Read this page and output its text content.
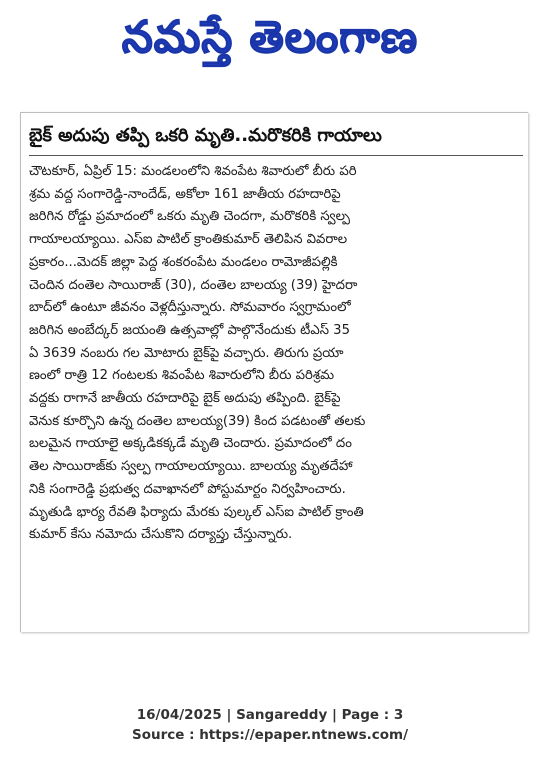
నమస్తే తెలంగాణ
బైక్ అదుపు తప్పి ఒకరి మృతి..మరొకరికి గాయాలు
చౌటకూర్, ఏప్రిల్ 15: మండలంలోని శివంపేట శివారులో బీరు పరి
శ్రమ వద్ద సంగారెడ్డి-నాందేడ్, అకోలా 161 జాతీయ రహదారిపై
జరిగిన రోడ్డు ప్రమాదంలో ఒకరు మృతి చెందగా, మరొకరికి స్వల్ప
గాయాలయ్యాయి. ఎస్ఐ పాటిల్ క్రాంతికుమార్ తెలిపిన వివరాల
ప్రకారం...మెదక్ జిల్లా పెద్ద శంకరంపేట మండలం రామోజీపల్లికి
చెందిన దంతెల సాయిరాజ్ (30), దంతెల బాలయ్య (39) హైదరా
బాద్‌లో ఉంటూ జీవనం వెళ్లదీస్తున్నారు. సోమవారం స్వగ్రామంలో
జరిగిన అంబేద్కర్ జయంతి ఉత్సవాల్లో పాల్గొనేందుకు టీఎస్ 35
ఏ 3639 నంబరు గల మోటారు బైక్‌పై వచ్చారు. తిరుగు ప్రయా
ణంలో రాత్రి 12 గంటలకు శివంపేట శివారులోని బీరు పరిశ్రమ
వద్దకు రాగానే జాతీయ రహదారిపై బైక్ అదుపు తప్పింది. బైక్‌పై
వెనుక కూర్చొని ఉన్న దంతెల బాలయ్య(39) కింద పడటంతో తలకు
బలమైన గాయాలై అక్కడికక్కడే మృతి చెందారు. ప్రమాదంలో దం
తెల సాయిరాజ్‌కు స్వల్ప గాయాలయ్యాయి. బాలయ్య మృతదేహా
నికి సంగారెడ్డి ప్రభుత్వ దవాఖానలో పోస్టుమార్టం నిర్వహించారు.
మృతుడి భార్య రేవతి ఫిర్యాదు మేరకు పుల్కల్ ఎస్ఐ పాటిల్ క్రాంతి
కుమార్ కేసు నమోదు చేసుకొని దర్యాప్తు చేస్తున్నారు.
16/04/2025 | Sangareddy | Page : 3
Source : https://epaper.ntnews.com/
